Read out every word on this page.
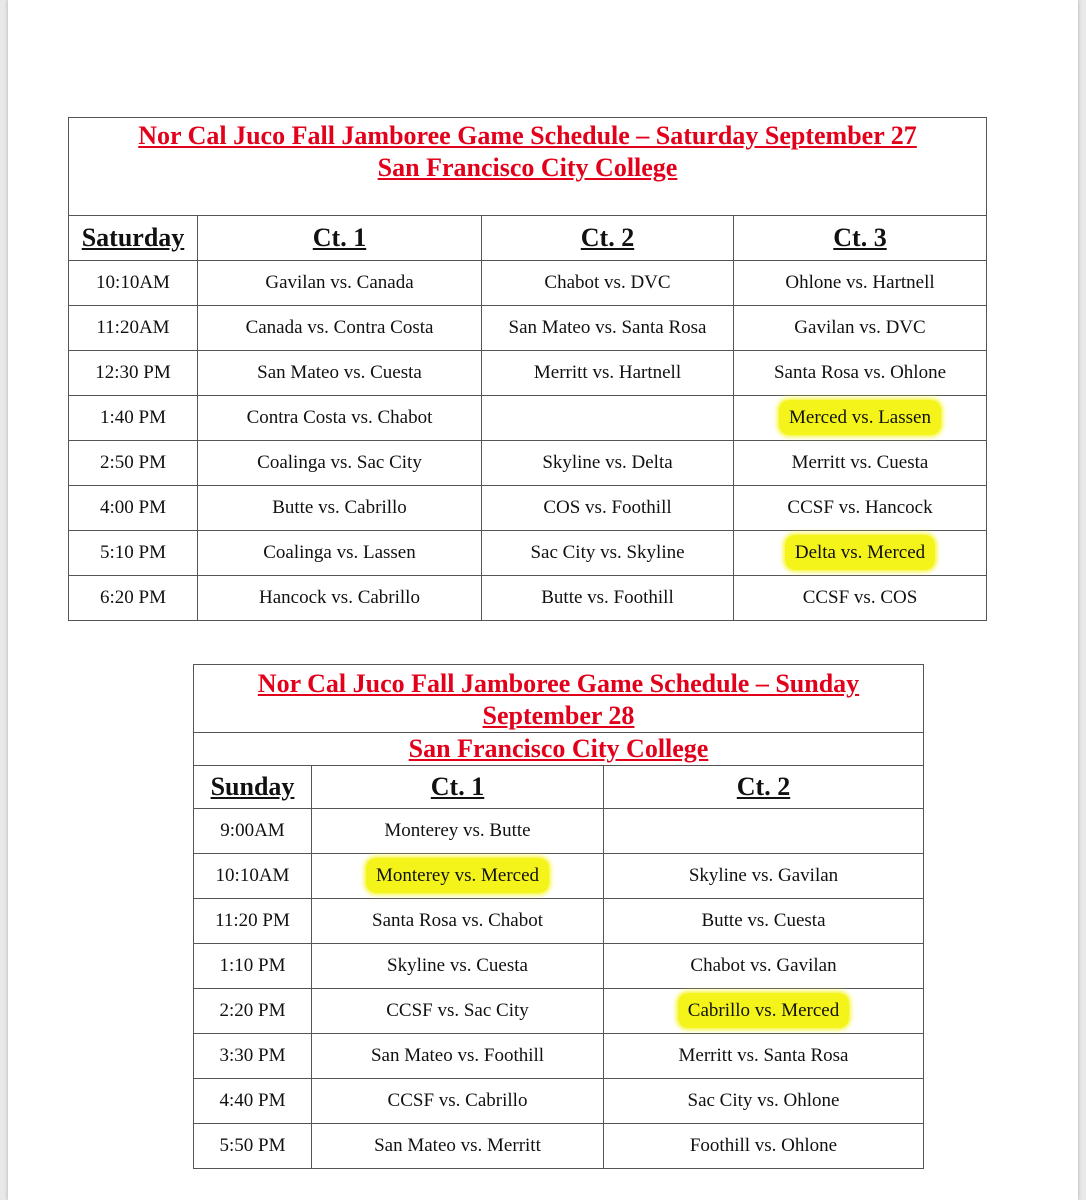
Nor Cal Juco Fall Jamboree Game Schedule – Saturday September 27
San Francisco City College			

Saturday	Ct. 1	Ct. 2	Ct. 3
10:10AM	Gavilan vs. Canada	Chabot vs. DVC	Ohlone vs. Hartnell
11:20AM	Canada vs. Contra Costa	San Mateo vs. Santa Rosa	Gavilan vs. DVC
12:30 PM	San Mateo vs. Cuesta	Merritt vs. Hartnell	Santa Rosa vs. Ohlone
1:40 PM	Contra Costa vs. Chabot		Merced vs. Lassen
2:50 PM	Coalinga vs. Sac City	Skyline vs. Delta	Merritt vs. Cuesta
4:00 PM	Butte vs. Cabrillo	COS vs. Foothill	CCSF vs. Hancock
5:10 PM	Coalinga vs. Lassen	Sac City vs. Skyline	Delta vs. Merced
6:20 PM	Hancock vs. Cabrillo	Butte vs. Foothill	CCSF vs. COS
Nor Cal Juco Fall Jamboree Game Schedule – Sunday
September 28		

San Francisco City College		
Sunday	Ct. 1	Ct. 2
9:00AM	Monterey vs. Butte	
10:10AM	Monterey vs. Merced	Skyline vs. Gavilan
11:20 PM	Santa Rosa vs. Chabot	Butte vs. Cuesta
1:10 PM	Skyline vs. Cuesta	Chabot vs. Gavilan
2:20 PM	CCSF vs. Sac City	Cabrillo vs. Merced
3:30 PM	San Mateo vs. Foothill	Merritt vs. Santa Rosa
4:40 PM	CCSF vs. Cabrillo	Sac City vs. Ohlone
5:50 PM	San Mateo vs. Merritt	Foothill vs. Ohlone
